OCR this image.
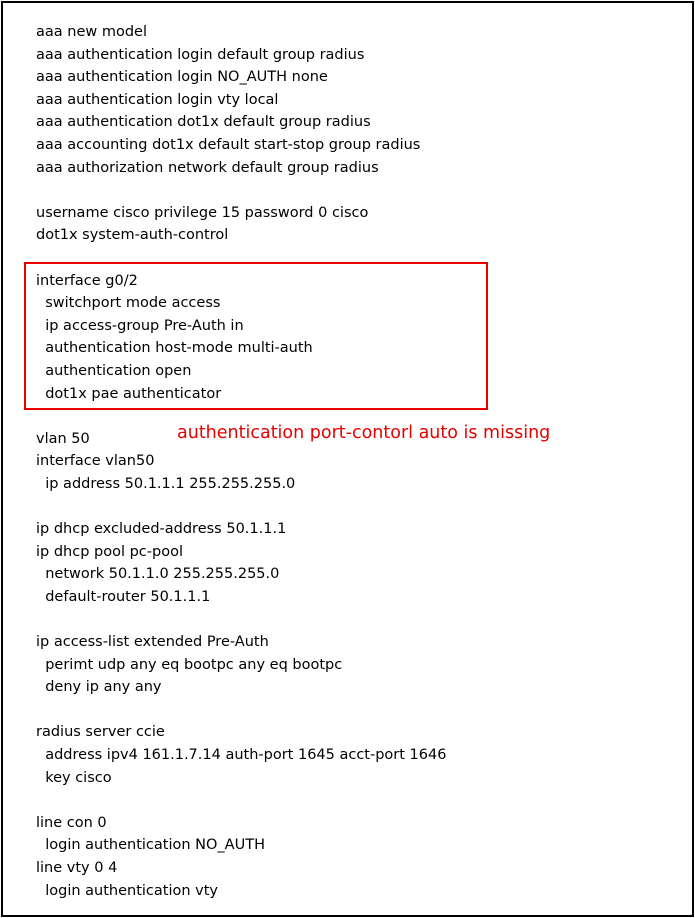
aaa new model
aaa authentication login default group radius
aaa authentication login NO_AUTH none
aaa authentication login vty local
aaa authentication dot1x default group radius
aaa accounting dot1x default start-stop group radius
aaa authorization network default group radius
username cisco privilege 15 password 0 cisco
dot1x system-auth-control
interface g0/2
switchport mode access
ip access-group Pre-Auth in
authentication host-mode multi-auth
authentication open
dot1x pae authenticator
vlan 50
interface vlan50
ip address 50.1.1.1 255.255.255.0
ip dhcp excluded-address 50.1.1.1
ip dhcp pool pc-pool
network 50.1.1.0 255.255.255.0
default-router 50.1.1.1
ip access-list extended Pre-Auth
perimt udp any eq bootpc any eq bootpc
deny ip any any
radius server ccie
address ipv4 161.1.7.14 auth-port 1645 acct-port 1646
key cisco
line con 0
login authentication NO_AUTH
line vty 0 4
login authentication vty
authentication port-contorl auto is missing
